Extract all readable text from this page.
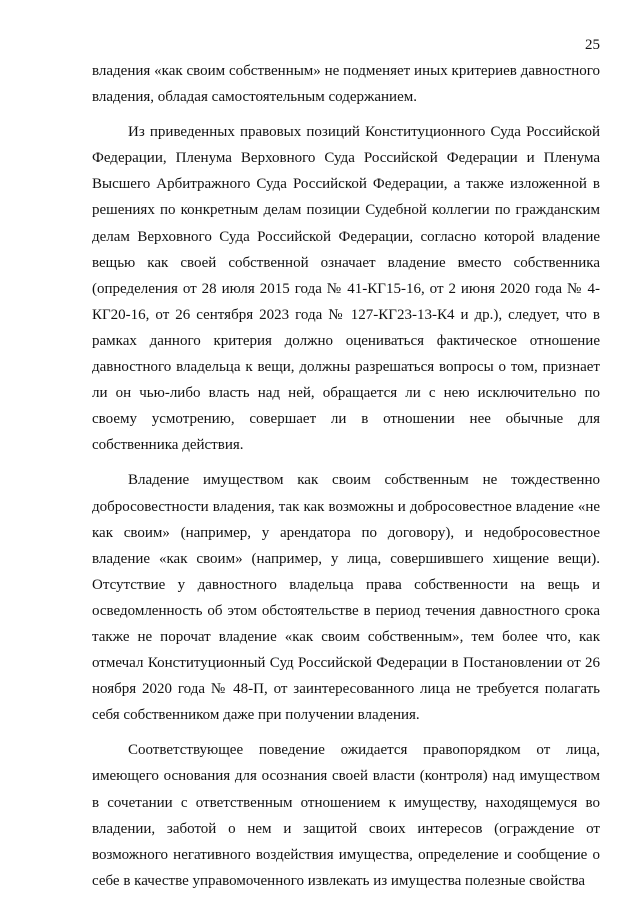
25

владения «как своим собственным» не подменяет иных критериев давностного владения, обладая самостоятельным содержанием.

Из приведенных правовых позиций Конституционного Суда Российской Федерации, Пленума Верховного Суда Российской Федерации и Пленума Высшего Арбитражного Суда Российской Федерации, а также изложенной в решениях по конкретным делам позиции Судебной коллегии по гражданским делам Верховного Суда Российской Федерации, согласно которой владение вещью как своей собственной означает владение вместо собственника (определения от 28 июля 2015 года № 41-КГ15-16, от 2 июня 2020 года № 4-КГ20-16, от 26 сентября 2023 года № 127-КГ23-13-К4 и др.), следует, что в рамках данного критерия должно оцениваться фактическое отношение давностного владельца к вещи, должны разрешаться вопросы о том, признает ли он чью-либо власть над ней, обращается ли с нею исключительно по своему усмотрению, совершает ли в отношении нее обычные для собственника действия.

Владение имуществом как своим собственным не тождественно добросовестности владения, так как возможны и добросовестное владение «не как своим» (например, у арендатора по договору), и недобросовестное владение «как своим» (например, у лица, совершившего хищение вещи). Отсутствие у давностного владельца права собственности на вещь и осведомленность об этом обстоятельстве в период течения давностного срока также не порочат владение «как своим собственным», тем более что, как отмечал Конституционный Суд Российской Федерации в Постановлении от 26 ноября 2020 года № 48-П, от заинтересованного лица не требуется полагать себя собственником даже при получении владения.

Соответствующее поведение ожидается правопорядком от лица, имеющего основания для осознания своей власти (контроля) над имуществом в сочетании с ответственным отношением к имуществу, находящемуся во владении, заботой о нем и защитой своих интересов (ограждение от возможного негативного воздействия имущества, определение и сообщение о себе в качестве управомоченного извлекать из имущества полезные свойства
